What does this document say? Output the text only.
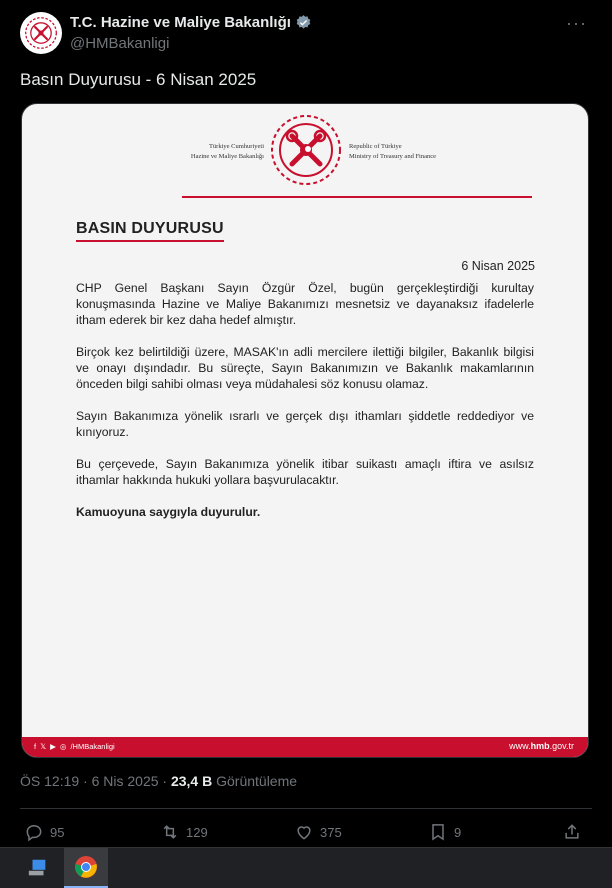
T.C. Hazine ve Maliye Bakanlığı
@HMBakanligi
···
Basın Duyurusu - 6 Nisan 2025
Türkiye Cumhuriyeti
Hazine ve Maliye Bakanlığı
Republic of Türkiye
Ministry of Treasury and Finance
BASIN DUYURUSU
6 Nisan 2025

CHP Genel Başkanı Sayın Özgür Özel, bugün gerçekleştirdiği kurultay konuşmasında Hazine ve Maliye Bakanımızı mesnetsiz ve dayanaksız ifadelerle itham ederek bir kez daha hedef almıştır.

Birçok kez belirtildiği üzere, MASAK'ın adli mercilere ilettiği bilgiler, Bakanlık bilgisi ve onayı dışındadır. Bu süreçte, Sayın Bakanımızın ve Bakanlık makamlarının önceden bilgi sahibi olması veya müdahalesi söz konusu olamaz.

Sayın Bakanımıza yönelik ısrarlı ve gerçek dışı ithamları şiddetle reddediyor ve kınıyoruz.

Bu çerçevede, Sayın Bakanımıza yönelik itibar suikastı amaçlı iftira ve asılsız ithamlar hakkında hukuki yollara başvurulacaktır.

Kamuoyuna saygıyla duyurulur.

f 𝕏 ▶ ◎ /HMBakanligi	www.hmb.gov.tr
ÖS 12:19 · 6 Nis 2025 · 23,4 B Görüntüleme
95	129	375	9
